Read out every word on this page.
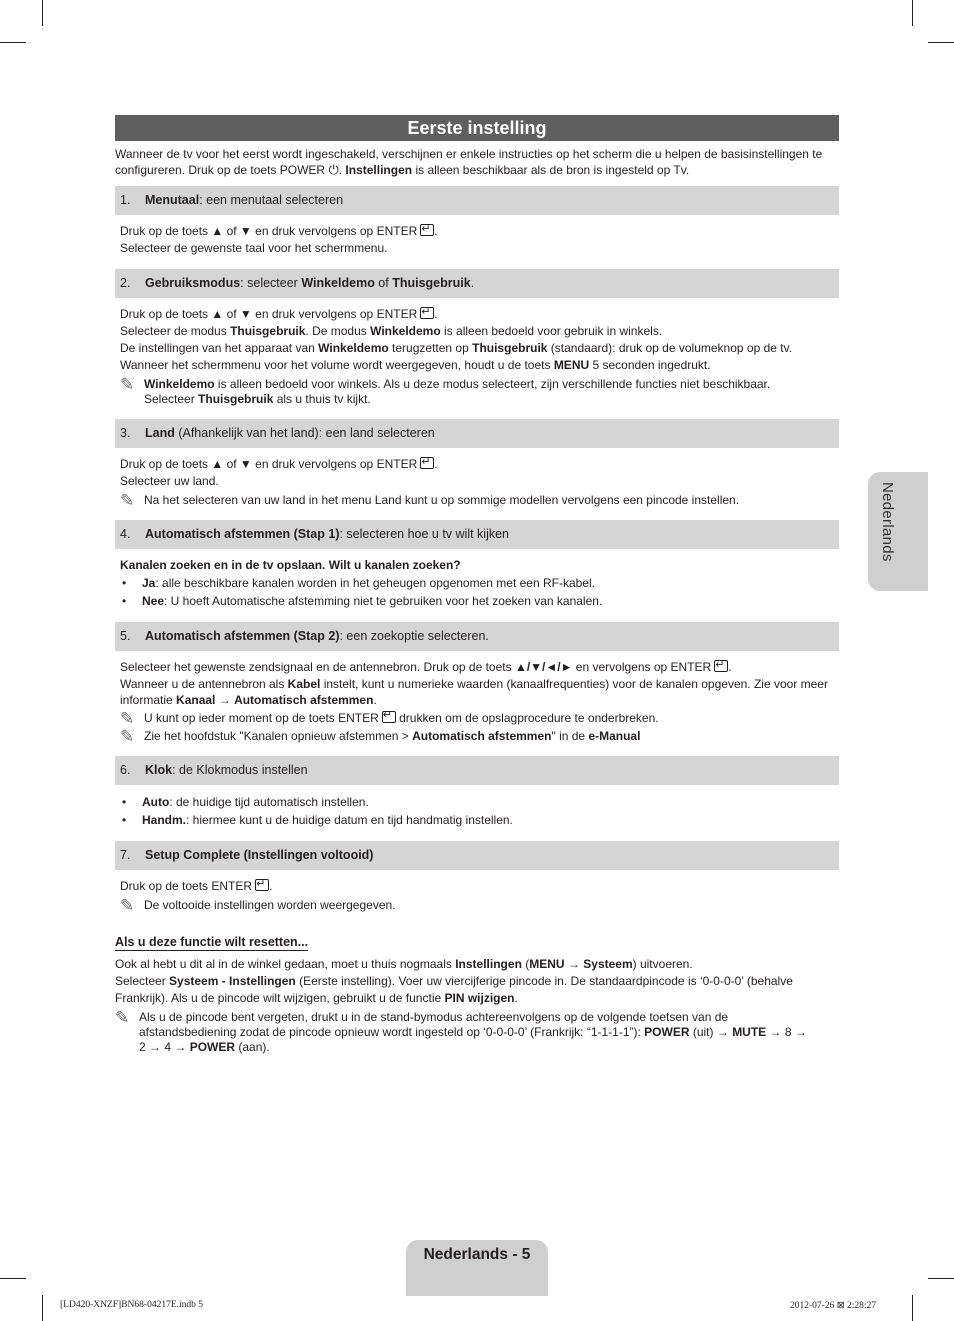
Eerste instelling
Wanneer de tv voor het eerst wordt ingeschakeld, verschijnen er enkele instructies op het scherm die u helpen de basisinstellingen te
configureren. Druk op de toets POWER ⏻. Instellingen is alleen beschikbaar als de bron is ingesteld op Tv.
1. Menutaal: een menutaal selecteren

Druk op de toets ▲ of ▼ en druk vervolgens op ENTER ↵ .

Selecteer de gewenste taal voor het schermmenu.

2. Gebruiksmodus: selecteer Winkeldemo of Thuisgebruik.

Druk op de toets ▲ of ▼ en druk vervolgens op ENTER ↵ .

Selecteer de modus Thuisgebruik. De modus Winkeldemo is alleen bedoeld voor gebruik in winkels.

De instellingen van het apparaat van Winkeldemo terugzetten op Thuisgebruik (standaard): druk op de volumeknop op de tv.

Wanneer het schermmenu voor het volume wordt weergegeven, houdt u de toets MENU 5 seconden ingedrukt.

✎ Winkeldemo is alleen bedoeld voor winkels. Als u deze modus selecteert, zijn verschillende functies niet beschikbaar.
Selecteer Thuisgebruik als u thuis tv kijkt.
3. Land (Afhankelijk van het land): een land selecteren

Druk op de toets ▲ of ▼ en druk vervolgens op ENTER ↵ .

Selecteer uw land.

✎ Na het selecteren van uw land in het menu Land kunt u op sommige modellen vervolgens een pincode instellen.
4. Automatisch afstemmen (Stap 1): selecteren hoe u tv wilt kijken
Kanalen zoeken en in de tv opslaan. Wilt u kanalen zoeken?
•	Ja: alle beschikbare kanalen worden in het geheugen opgenomen met een RF-kabel.
•	Nee: U hoeft Automatische afstemming niet te gebruiken voor het zoeken van kanalen.
5. Automatisch afstemmen (Stap 2): een zoekoptie selecteren.

Selecteer het gewenste zendsignaal en de antennebron. Druk op de toets ▲/▼/◄/► en vervolgens op ENTER ↵ .

Wanneer u de antennebron als Kabel instelt, kunt u numerieke waarden (kanaalfrequenties) voor de kanalen opgeven. Zie voor meer

informatie Kanaal → Automatisch afstemmen.

✎ U kunt op ieder moment op de toets ENTER↵ drukken om de opslagprocedure te onderbreken.
✎ Zie het hoofdstuk "Kanalen opnieuw afstemmen > Automatisch afstemmen" in de e-Manual
6. Klok: de Klokmodus instellen
•	Auto: de huidige tijd automatisch instellen.
•	Handm.: hiermee kunt u de huidige datum en tijd handmatig instellen.
7. Setup Complete (Instellingen voltooid)

Druk op de toets ENTER ↵ .

✎ De voltooide instellingen worden weergegeven.
Als u deze functie wilt resetten...

Ook al hebt u dit al in de winkel gedaan, moet u thuis nogmaals Instellingen (MENU → Systeem) uitvoeren.

Selecteer Systeem - Instellingen (Eerste instelling). Voer uw viercijferige pincode in. De standaardpincode is ‘0-0-0-0’ (behalve

Frankrijk). Als u de pincode wilt wijzigen, gebruikt u de functie PIN wijzigen.

✎ Als u de pincode bent vergeten, drukt u in de stand-bymodus achtereenvolgens op de volgende toetsen van de
afstandsbediening zodat de pincode opnieuw wordt ingesteld op ‘0-0-0-0’ (Frankrijk: “1-1-1-1”): POWER (uit) → MUTE → 8 →
2 → 4 → POWER (aan).
Nederlands
Nederlands - 5
[LD420-XNZF]BN68-04217E.indb 5	2012-07-26 ⊠ 2:28:27
